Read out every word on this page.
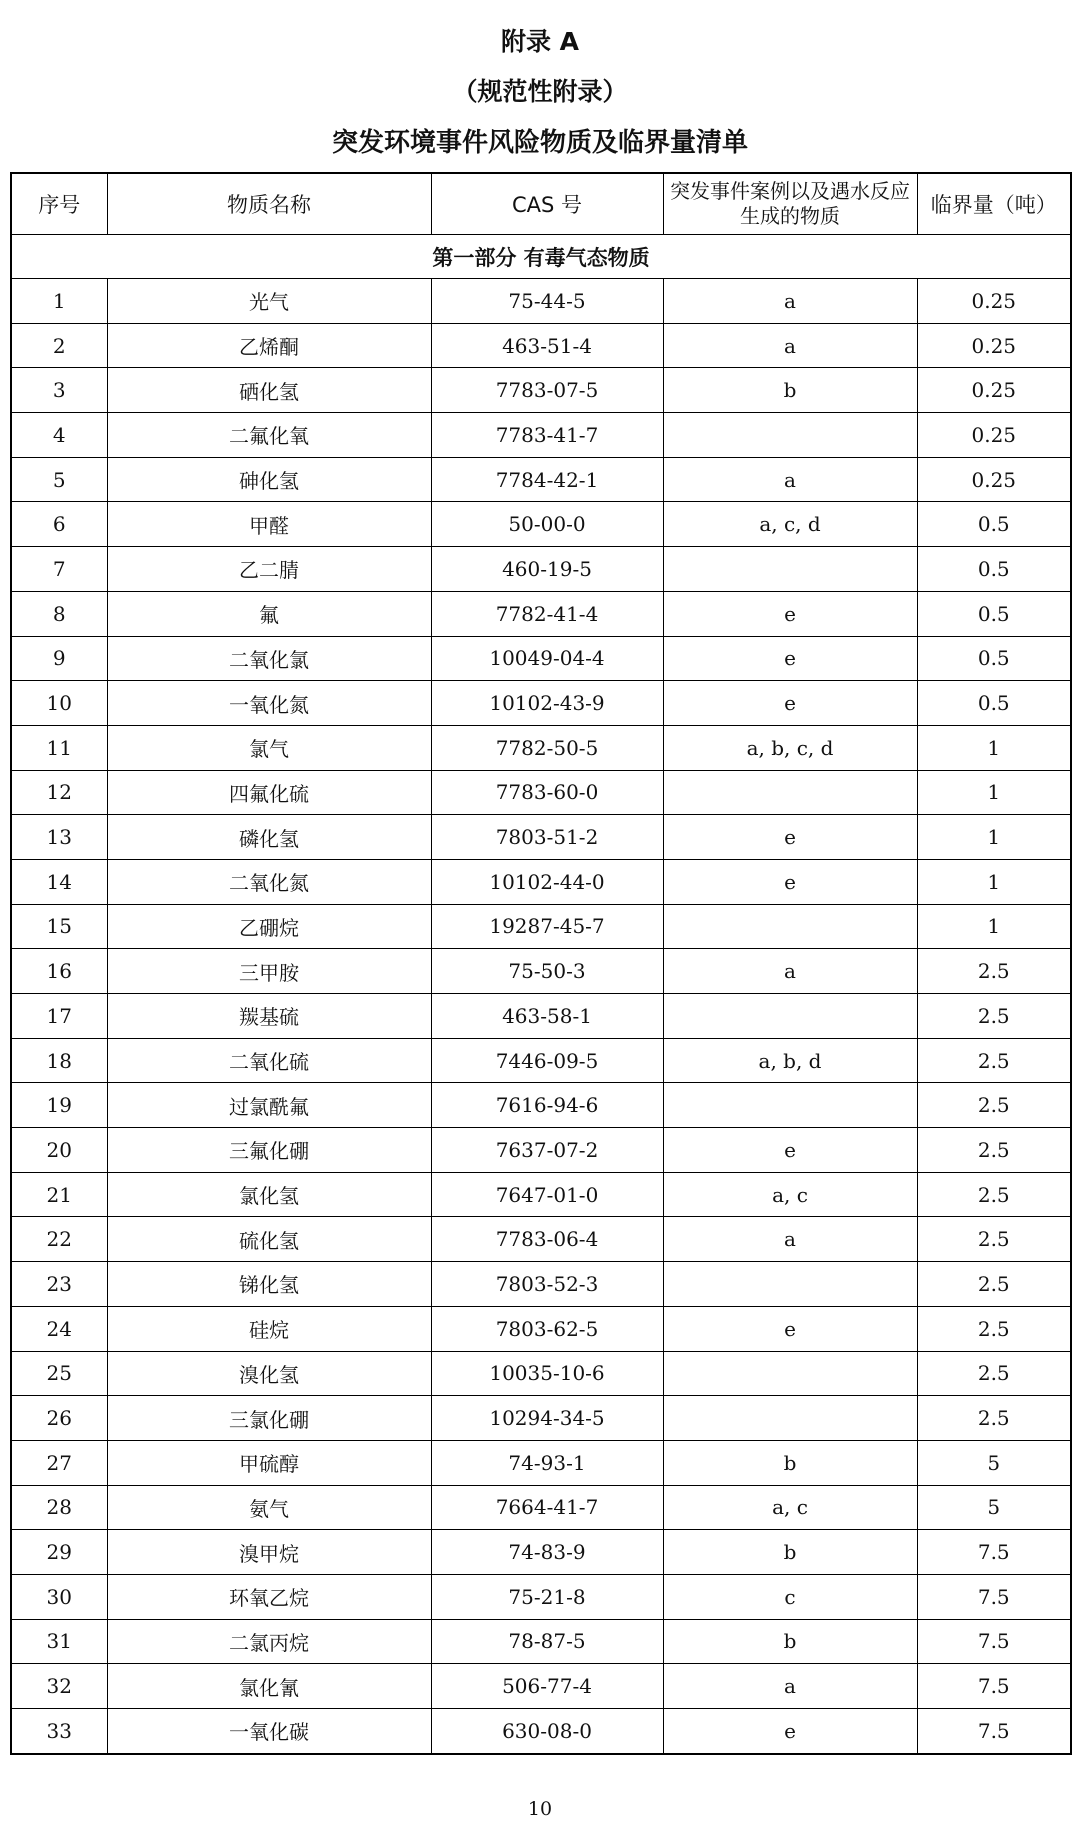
附录 A
（规范性附录）
突发环境事件风险物质及临界量清单
序号	物质名称	CAS 号	突发事件案例以及遇水反应生成的物质	临界量（吨）
第一部分 有毒气态物质				
1	光气	75-44-5	a	0.25
2	乙烯酮	463-51-4	a	0.25
3	硒化氢	7783-07-5	b	0.25
4	二氟化氧	7783-41-7		0.25
5	砷化氢	7784-42-1	a	0.25
6	甲醛	50-00-0	a, c, d	0.5
7	乙二腈	460-19-5		0.5
8	氟	7782-41-4	e	0.5
9	二氧化氯	10049-04-4	e	0.5
10	一氧化氮	10102-43-9	e	0.5
11	氯气	7782-50-5	a, b, c, d	1
12	四氟化硫	7783-60-0		1
13	磷化氢	7803-51-2	e	1
14	二氧化氮	10102-44-0	e	1
15	乙硼烷	19287-45-7		1
16	三甲胺	75-50-3	a	2.5
17	羰基硫	463-58-1		2.5
18	二氧化硫	7446-09-5	a, b, d	2.5
19	过氯酰氟	7616-94-6		2.5
20	三氟化硼	7637-07-2	e	2.5
21	氯化氢	7647-01-0	a, c	2.5
22	硫化氢	7783-06-4	a	2.5
23	锑化氢	7803-52-3		2.5
24	硅烷	7803-62-5	e	2.5
25	溴化氢	10035-10-6		2.5
26	三氯化硼	10294-34-5		2.5
27	甲硫醇	74-93-1	b	5
28	氨气	7664-41-7	a, c	5
29	溴甲烷	74-83-9	b	7.5
30	环氧乙烷	75-21-8	c	7.5
31	二氯丙烷	78-87-5	b	7.5
32	氯化氰	506-77-4	a	7.5
33	一氧化碳	630-08-0	e	7.5
10
